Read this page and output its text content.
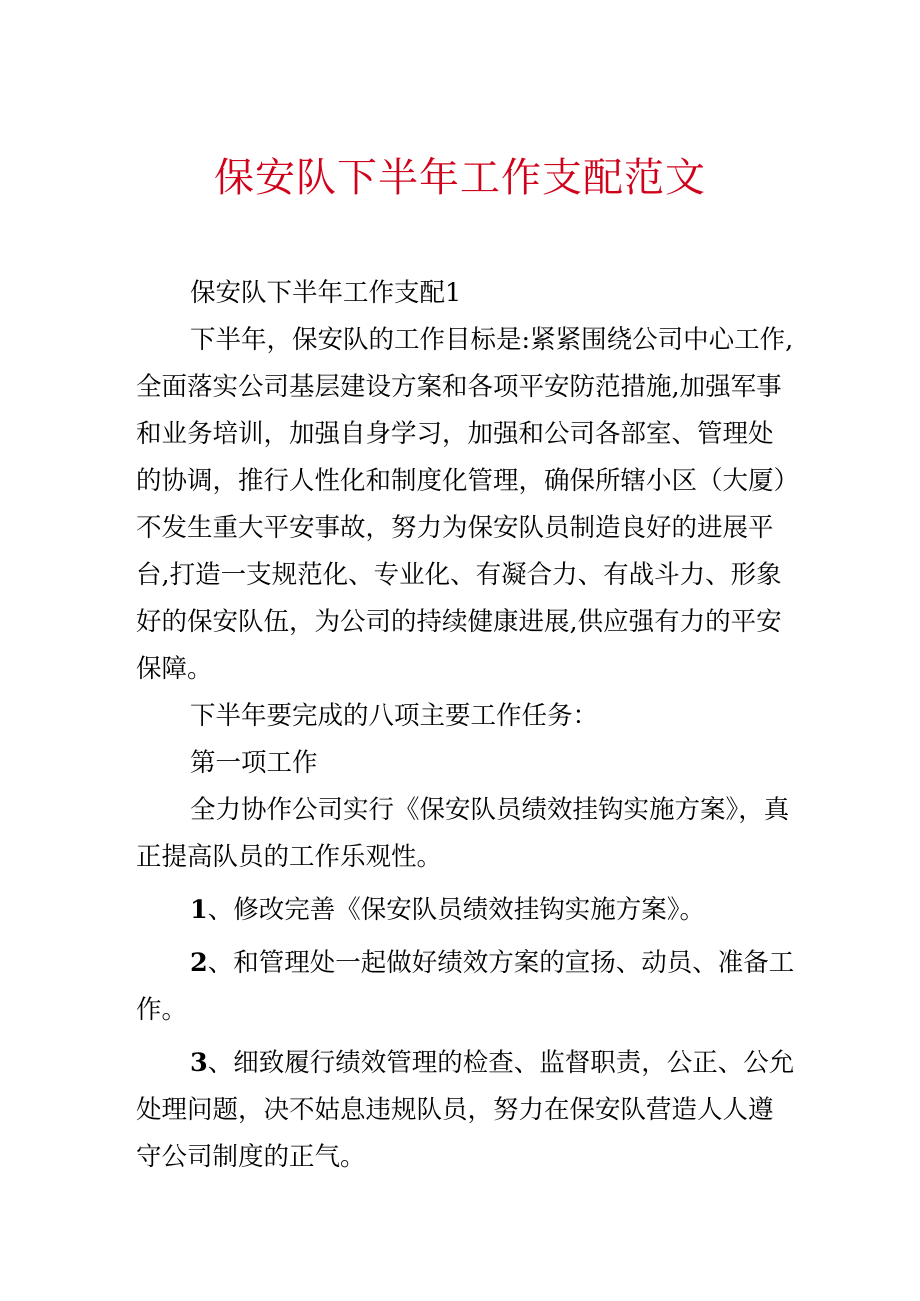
保安队下半年工作支配范文

保安队下半年工作支配1

下半年，保安队的工作目标是:紧紧围绕公司中心工作,全面落实公司基层建设方案和各项平安防范措施,加强军事和业务培训，加强自身学习，加强和公司各部室、管理处的协调，推行人性化和制度化管理，确保所辖小区（大厦）不发生重大平安事故，努力为保安队员制造良好的进展平台,打造一支规范化、专业化、有凝合力、有战斗力、形象好的保安队伍，为公司的持续健康进展,供应强有力的平安保障。

下半年要完成的八项主要工作任务：

第一项工作

全力协作公司实行《保安队员绩效挂钩实施方案》，真正提高队员的工作乐观性。

1、修改完善《保安队员绩效挂钩实施方案》。

2、和管理处一起做好绩效方案的宣扬、动员、准备工作。

3、细致履行绩效管理的检查、监督职责，公正、公允处理问题，决不姑息违规队员，努力在保安队营造人人遵守公司制度的正气。
